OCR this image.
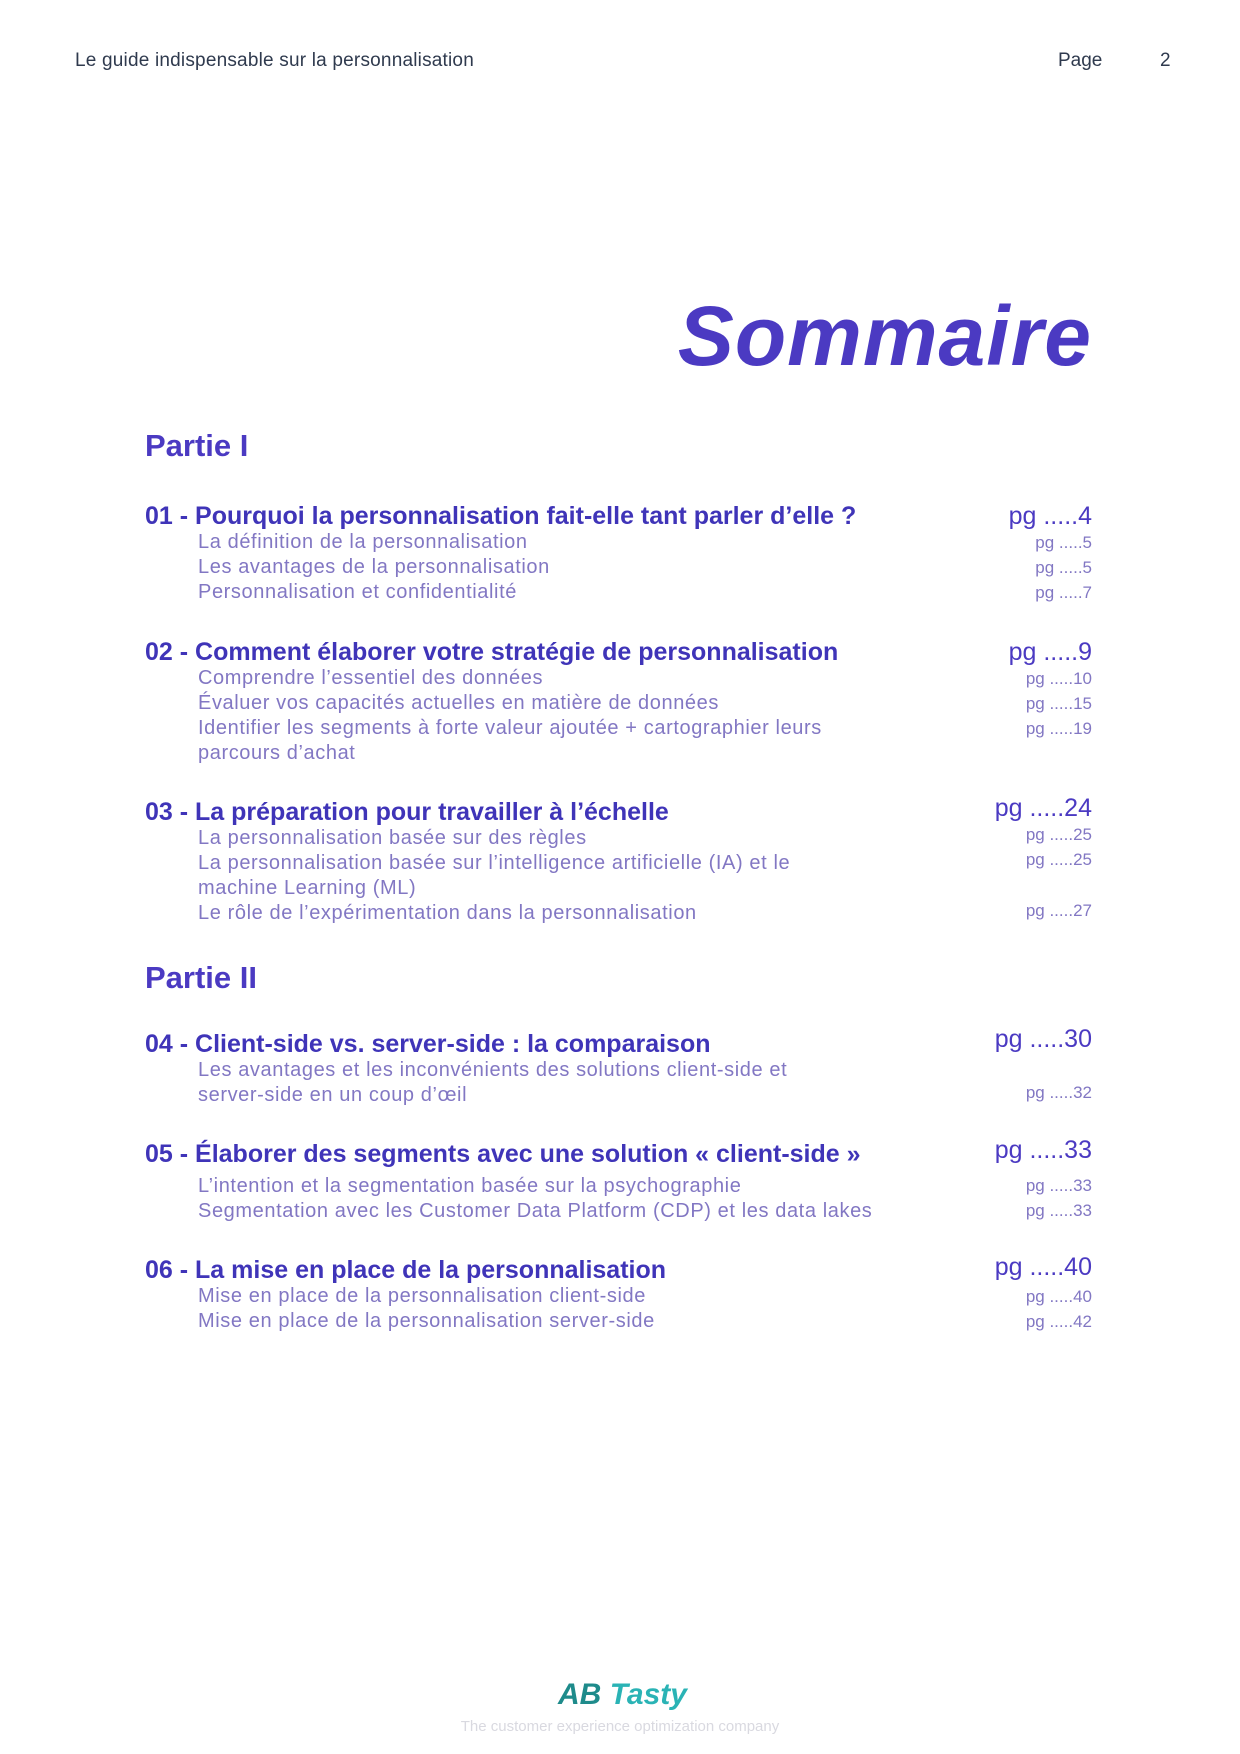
Le guide indispensable sur la personnalisation	Page	2
Sommaire
Partie I
01 - Pourquoi la personnalisation fait-elle tant parler d’elle ?	pg .....4
La définition de la personnalisation	pg .....5
Les avantages de la personnalisation	pg .....5
Personnalisation et confidentialité	pg .....7
02 - Comment élaborer votre stratégie de personnalisation	pg .....9
Comprendre l’essentiel des données	pg .....10
Évaluer vos capacités actuelles en matière de données	pg .....15
Identifier les segments à forte valeur ajoutée + cartographier leurs	pg .....19
parcours d’achat
03 - La préparation pour travailler à l’échelle	pg .....24
La personnalisation basée sur des règles	pg .....25
La personnalisation basée sur l’intelligence artificielle (IA) et le	pg .....25
machine Learning (ML)
Le rôle de l’expérimentation dans la personnalisation	pg .....27
Partie II
04 - Client-side vs. server-side : la comparaison	pg .....30
Les avantages et les inconvénients des solutions client-side et
server-side en un coup d’œil	pg .....32
05 - Élaborer des segments avec une solution « client-side »	pg .....33
L’intention et la segmentation basée sur la psychographie	pg .....33
Segmentation avec les Customer Data Platform (CDP) et les data lakes	pg .....33
06 - La mise en place de la personnalisation	pg .....40
Mise en place de la personnalisation client-side	pg .....40
Mise en place de la personnalisation server-side	pg .....42
AB Tasty
The customer experience optimization company
